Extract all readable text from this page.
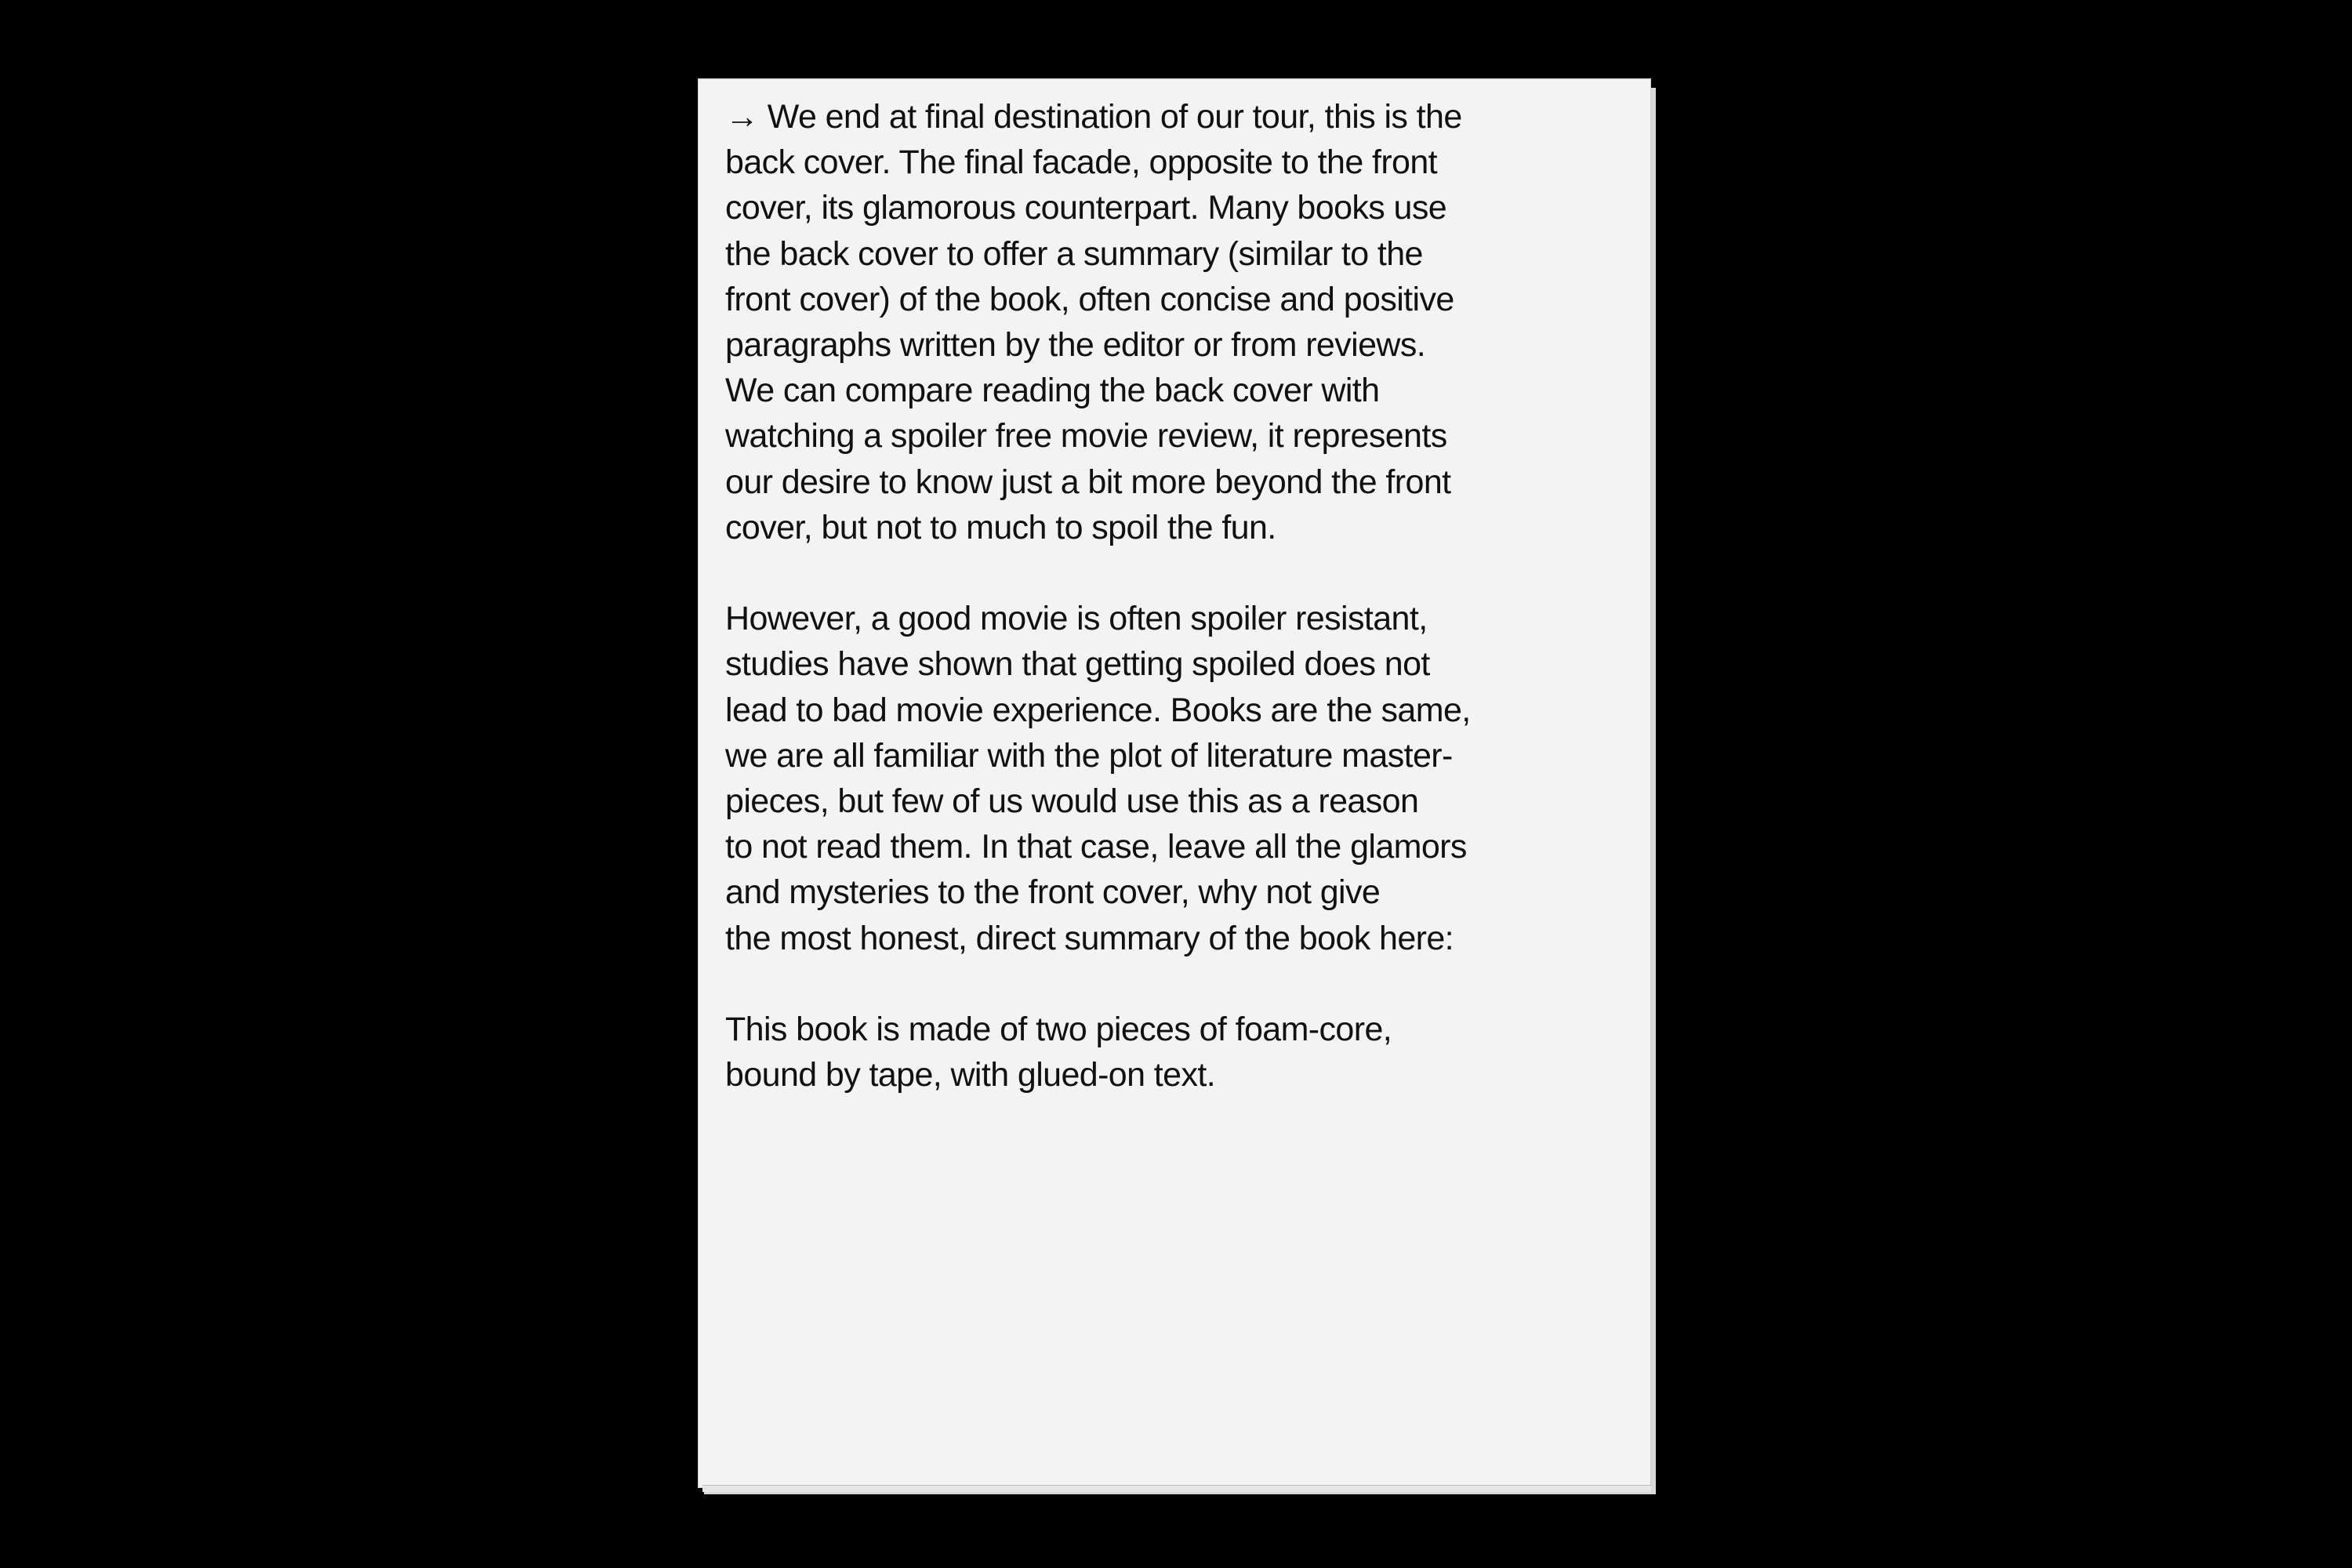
→ We end at final destination of our tour, this is the
back cover. The final facade, opposite to the front
cover, its glamorous counterpart. Many books use
the back cover to offer a summary (similar to the
front cover) of the book, often concise and positive
paragraphs written by the editor or from reviews.
We can compare reading the back cover with
watching a spoiler free movie review, it represents
our desire to know just a bit more beyond the front
cover, but not to much to spoil the fun.

However, a good movie is often spoiler resistant,
studies have shown that getting spoiled does not
lead to bad movie experience. Books are the same,
we are all familiar with the plot of literature master-
pieces, but few of us would use this as a reason
to not read them. In that case, leave all the glamors
and mysteries to the front cover, why not give
the most honest, direct summary of the book here:

This book is made of two pieces of foam-core,
bound by tape, with glued-on text.
